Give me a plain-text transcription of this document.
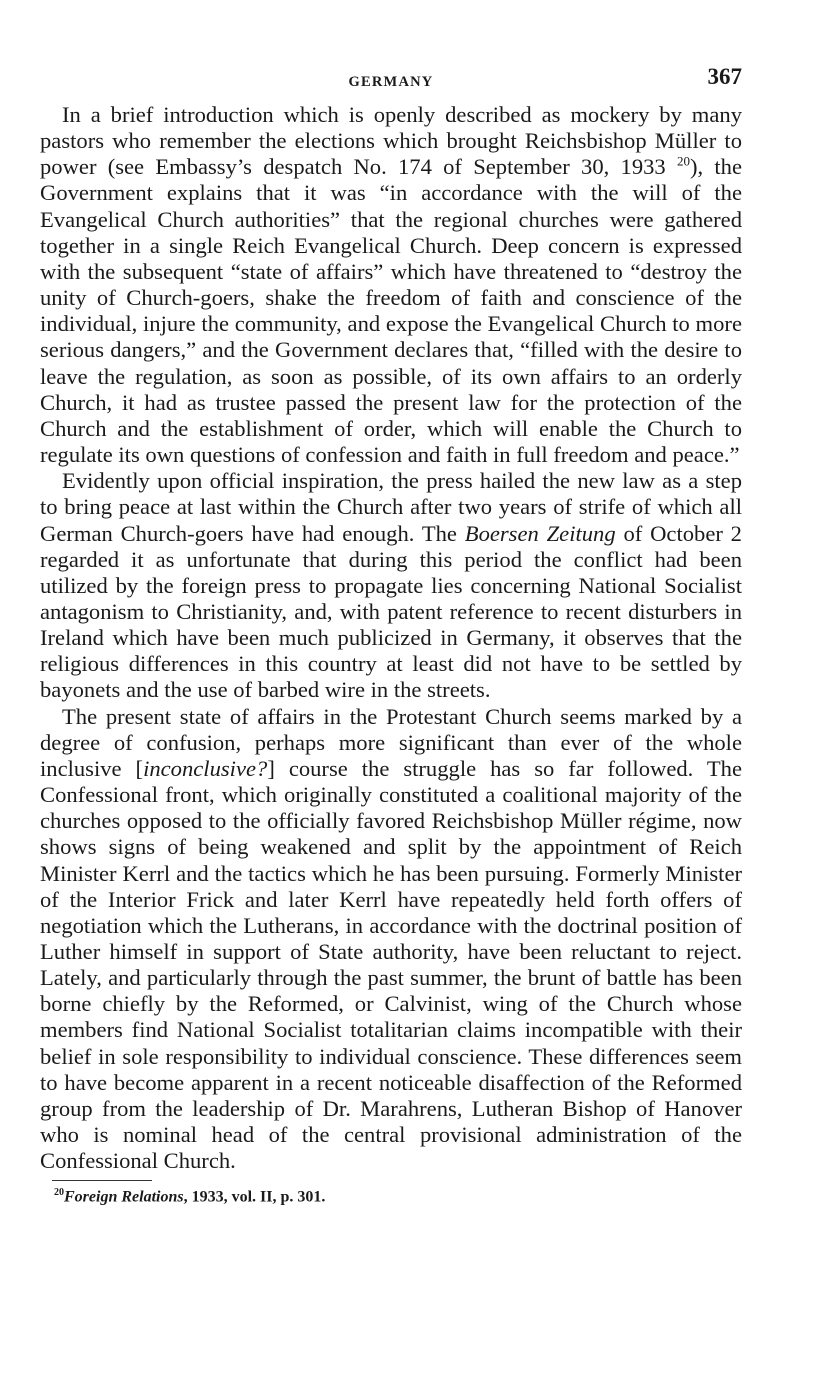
GERMANY	367

In a brief introduction which is openly described as mockery by many pastors who remember the elections which brought Reichsbishop Müller to power (see Embassy’s despatch No. 174 of September 30, 1933 $^{20}$), the Government explains that it was “in accordance with the will of the Evangelical Church authorities” that the regional churches were gathered together in a single Reich Evangelical Church. Deep concern is expressed with the subsequent “state of affairs” which have threatened to “destroy the unity of Church-goers, shake the freedom of faith and conscience of the individual, injure the community, and expose the Evangelical Church to more serious dangers,” and the Government declares that, “filled with the desire to leave the regulation, as soon as possible, of its own affairs to an orderly Church, it had as trustee passed the present law for the protection of the Church and the establishment of order, which will enable the Church to regulate its own questions of confession and faith in full freedom and peace.”

Evidently upon official inspiration, the press hailed the new law as a step to bring peace at last within the Church after two years of strife of which all German Church-goers have had enough. The Boersen Zeitung of October 2 regarded it as unfortunate that during this period the conflict had been utilized by the foreign press to propagate lies concerning National Socialist antagonism to Christianity, and, with patent reference to recent disturbers in Ireland which have been much publicized in Germany, it observes that the religious differences in this country at least did not have to be settled by bayonets and the use of barbed wire in the streets.

The present state of affairs in the Protestant Church seems marked by a degree of confusion, perhaps more significant than ever of the whole inclusive [inconclusive?] course the struggle has so far followed. The Confessional front, which originally constituted a coalitional majority of the churches opposed to the officially favored Reichsbishop Müller régime, now shows signs of being weakened and split by the appointment of Reich Minister Kerrl and the tactics which he has been pursuing. Formerly Minister of the Interior Frick and later Kerrl have repeatedly held forth offers of negotiation which the Lutherans, in accordance with the doctrinal position of Luther himself in support of State authority, have been reluctant to reject. Lately, and particularly through the past summer, the brunt of battle has been borne chiefly by the Reformed, or Calvinist, wing of the Church whose members find National Socialist totalitarian claims incompatible with their belief in sole responsibility to individual conscience. These differences seem to have become apparent in a recent noticeable disaffection of the Reformed group from the leadership of Dr. Marahrens, Lutheran Bishop of Hanover who is nominal head of the central provisional administration of the Confessional Church.

$^{20}$Foreign Relations, 1933, vol. II, p. 301.
